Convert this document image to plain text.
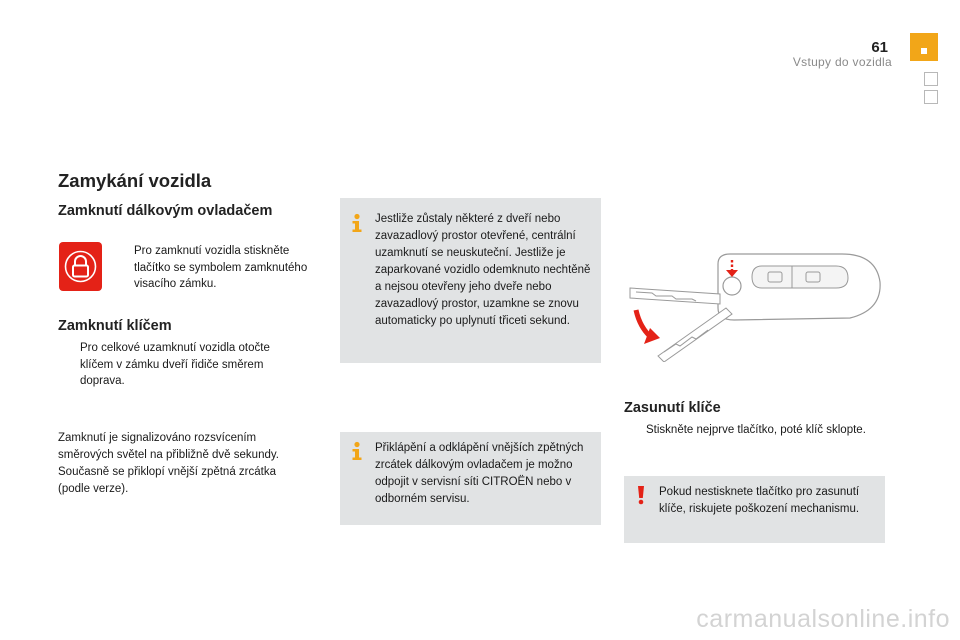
61
Vstupy do vozidla
Zamykání vozidla
Zamknutí dálkovým ovladačem
Pro zamknutí vozidla stiskněte tlačítko se symbolem zamknutého visacího zámku.
Zamknutí klíčem
Pro celkové uzamknutí vozidla otočte klíčem v zámku dveří řidiče směrem doprava.
Zamknutí je signalizováno rozsvícením směrových světel na přibližně dvě sekundy. Současně se přiklopí vnější zpětná zrcátka (podle verze).
Jestliže zůstaly některé z dveří nebo zavazadlový prostor otevřené, centrální uzamknutí se neuskuteční. Jestliže je zaparkované vozidlo odemknuto nechtěně a nejsou otevřeny jeho dveře nebo zavazadlový prostor, uzamkne se znovu automaticky po uplynutí třiceti sekund.
Přiklápění a odklápění vnějších zpětných zrcátek dálkovým ovladačem je možno odpojit v servisní síti CITROËN nebo v odborném servisu.
Zasunutí klíče
Stiskněte nejprve tlačítko, poté klíč sklopte.
Pokud nestisknete tlačítko pro zasunutí klíče, riskujete poškození mechanismu.
carmanualsonline.info
